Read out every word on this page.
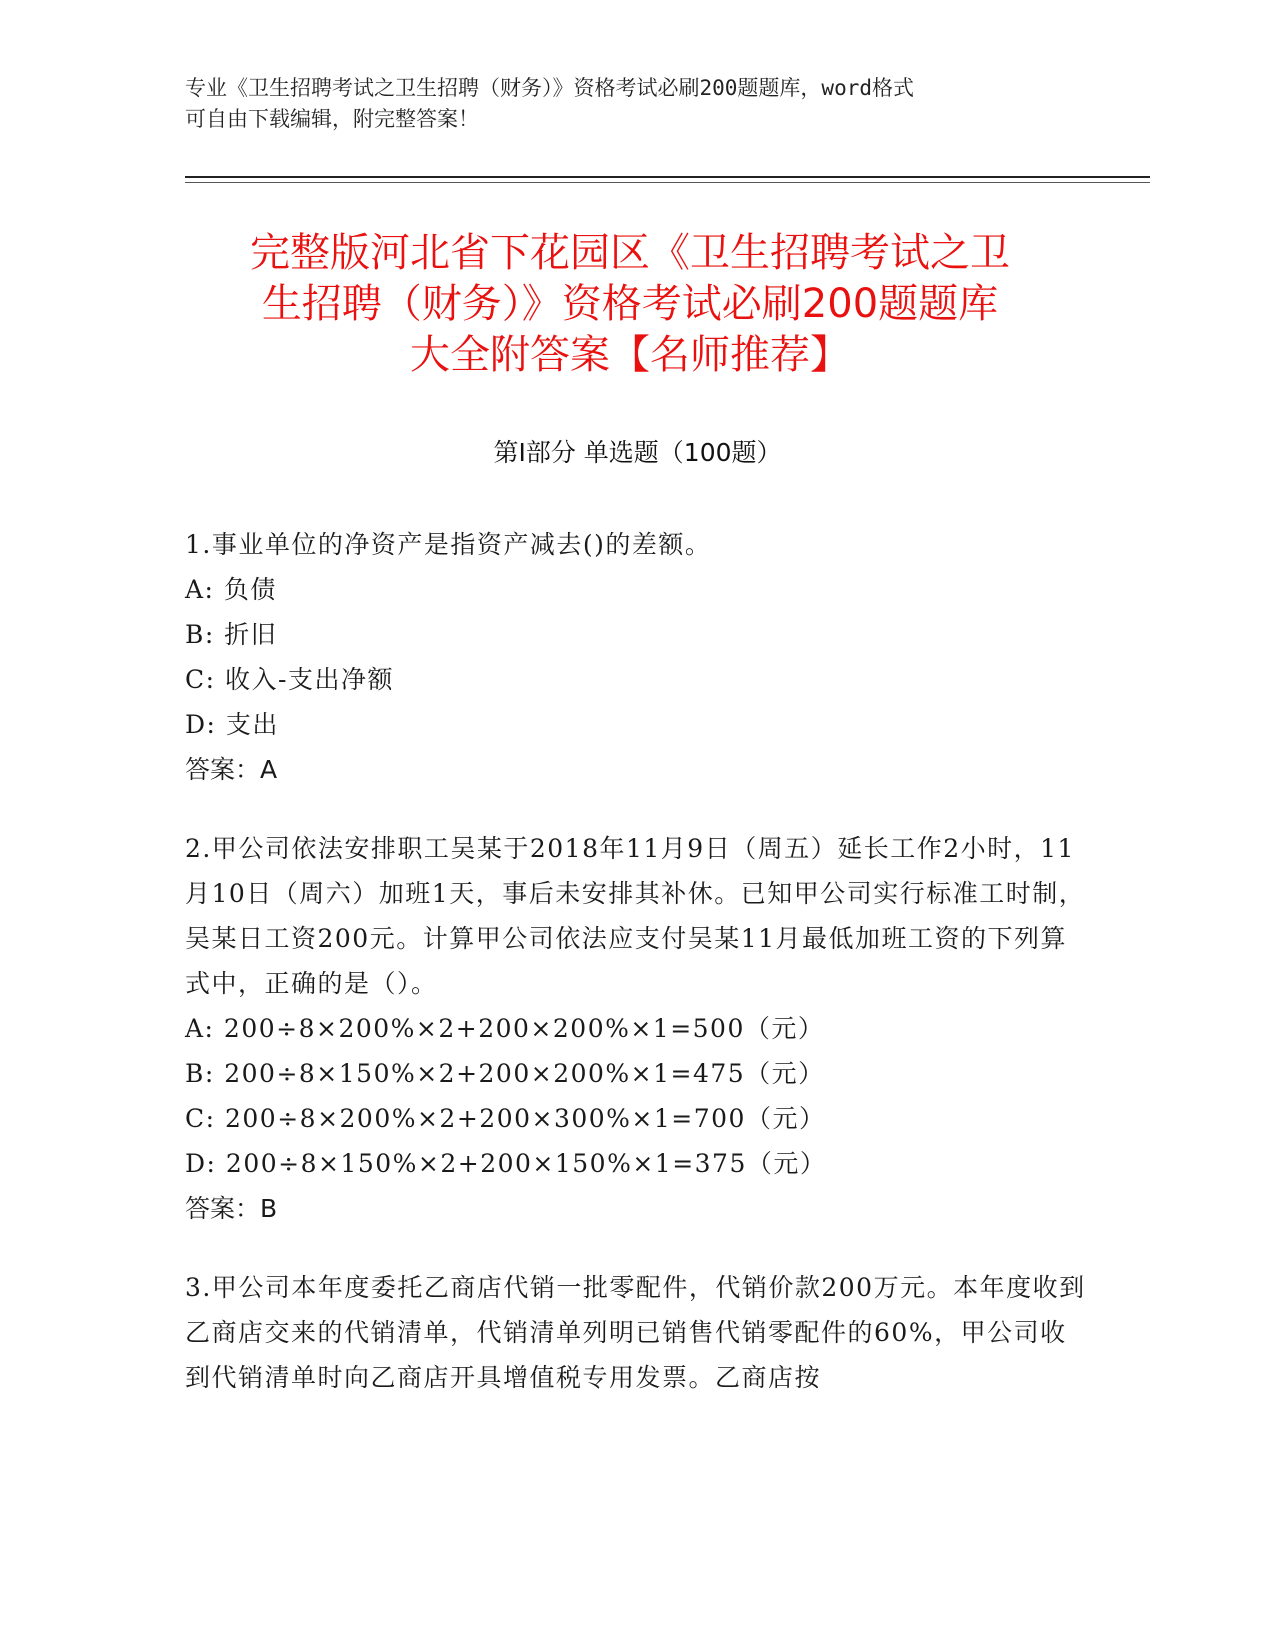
专业《卫生招聘考试之卫生招聘（财务）》资格考试必刷200题题库，word格式
可自由下载编辑，附完整答案！
完整版河北省下花园区《卫生招聘考试之卫
生招聘（财务）》资格考试必刷200题题库
大全附答案【名师推荐】
第Ⅰ部分 单选题（100题）

1.事业单位的净资产是指资产减去()的差额。

A: 负债

B: 折旧

C: 收入-支出净额

D: 支出

答案：A

2.甲公司依法安排职工吴某于2018年11月9日（周五）延长工作2小时，11月10日（周六）加班1天，事后未安排其补休。已知甲公司实行标准工时制，吴某日工资200元。计算甲公司依法应支付吴某11月最低加班工资的下列算式中，正确的是（）。

A: 200÷8×200%×2+200×200%×1=500（元）

B: 200÷8×150%×2+200×200%×1=475（元）

C: 200÷8×200%×2+200×300%×1=700（元）

D: 200÷8×150%×2+200×150%×1=375（元）

答案：B

3.甲公司本年度委托乙商店代销一批零配件，代销价款200万元。本年度收到乙商店交来的代销清单，代销清单列明已销售代销零配件的60%，甲公司收到代销清单时向乙商店开具增值税专用发票。乙商店按
